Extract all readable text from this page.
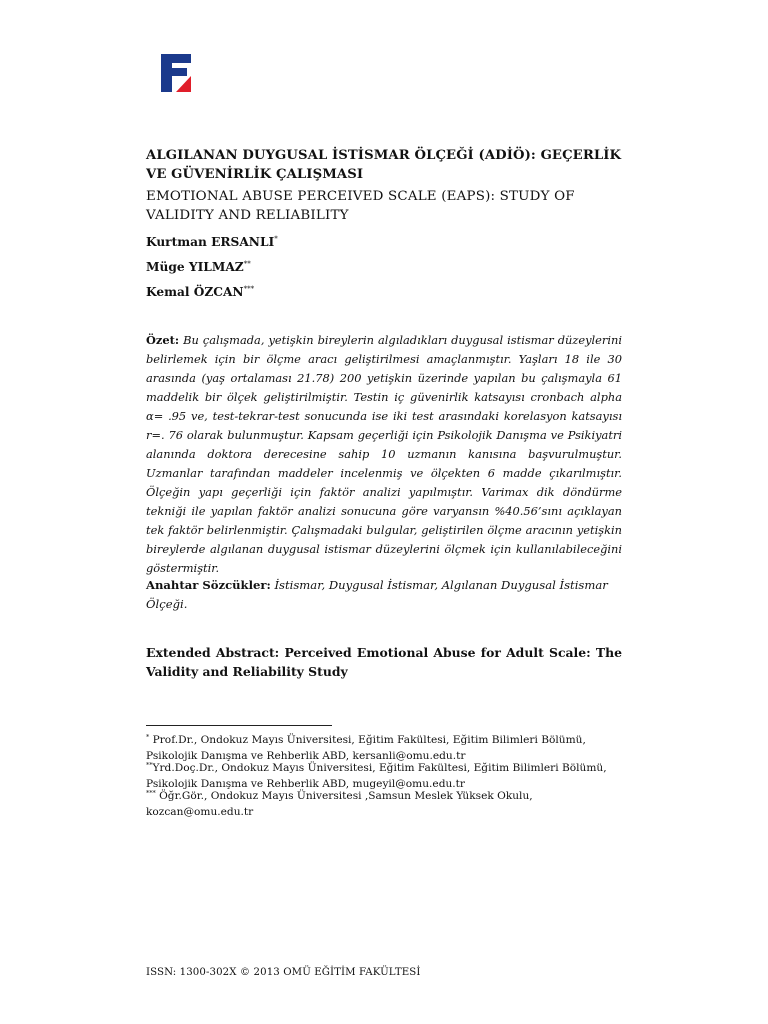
ALGILANAN DUYGUSAL İSTİSMAR ÖLÇEĞİ (ADİÖ): GEÇERLİK VE GÜVENİRLİK ÇALIŞMASI
EMOTIONAL ABUSE PERCEIVED SCALE (EAPS): STUDY OF VALIDITY AND RELIABILITY
Kurtman ERSANLI*
Müge YILMAZ**
Kemal ÖZCAN***
Özet: Bu çalışmada, yetişkin bireylerin algıladıkları duygusal istismar düzeylerini belirlemek için bir ölçme aracı geliştirilmesi amaçlanmıştır. Yaşları 18 ile 30 arasında (yaş ortalaması 21.78) 200 yetişkin üzerinde yapılan bu çalışmayla 61 maddelik bir ölçek geliştirilmiştir. Testin iç güvenirlik katsayısı cronbach alpha α= .95 ve, test-tekrar-test sonucunda ise iki test arasındaki korelasyon katsayısı r=. 76 olarak bulunmuştur. Kapsam geçerliği için Psikolojik Danışma ve Psikiyatri alanında doktora derecesine sahip 10 uzmanın kanısına başvurulmuştur. Uzmanlar tarafından maddeler incelenmiş ve ölçekten 6 madde çıkarılmıştır. Ölçeğin yapı geçerliği için faktör analizi yapılmıştır. Varimax dik döndürme tekniği ile yapılan faktör analizi sonucuna göre varyansın %40.56’sını açıklayan tek faktör belirlenmiştir. Çalışmadaki bulgular, geliştirilen ölçme aracının yetişkin bireylerde algılanan duygusal istismar düzeylerini ölçmek için kullanılabileceğini göstermiştir.
Anahtar Sözcükler: İstismar, Duygusal İstismar, Algılanan Duygusal İstismar Ölçeği.
Extended Abstract: Perceived Emotional Abuse for Adult Scale: The Validity and Reliability Study
* Prof.Dr., Ondokuz Mayıs Üniversitesi, Eğitim Fakültesi, Eğitim Bilimleri Bölümü,
Psikolojik Danışma ve Rehberlik ABD, kersanli@omu.edu.tr
**Yrd.Doç.Dr., Ondokuz Mayıs Üniversitesi, Eğitim Fakültesi, Eğitim Bilimleri Bölümü,
Psikolojik Danışma ve Rehberlik ABD, mugeyil@omu.edu.tr
*** Öğr.Gör., Ondokuz Mayıs Üniversitesi ,Samsun Meslek Yüksek Okulu,
kozcan@omu.edu.tr
ISSN: 1300-302X © 2013 OMÜ EĞİTİM FAKÜLTESİ
